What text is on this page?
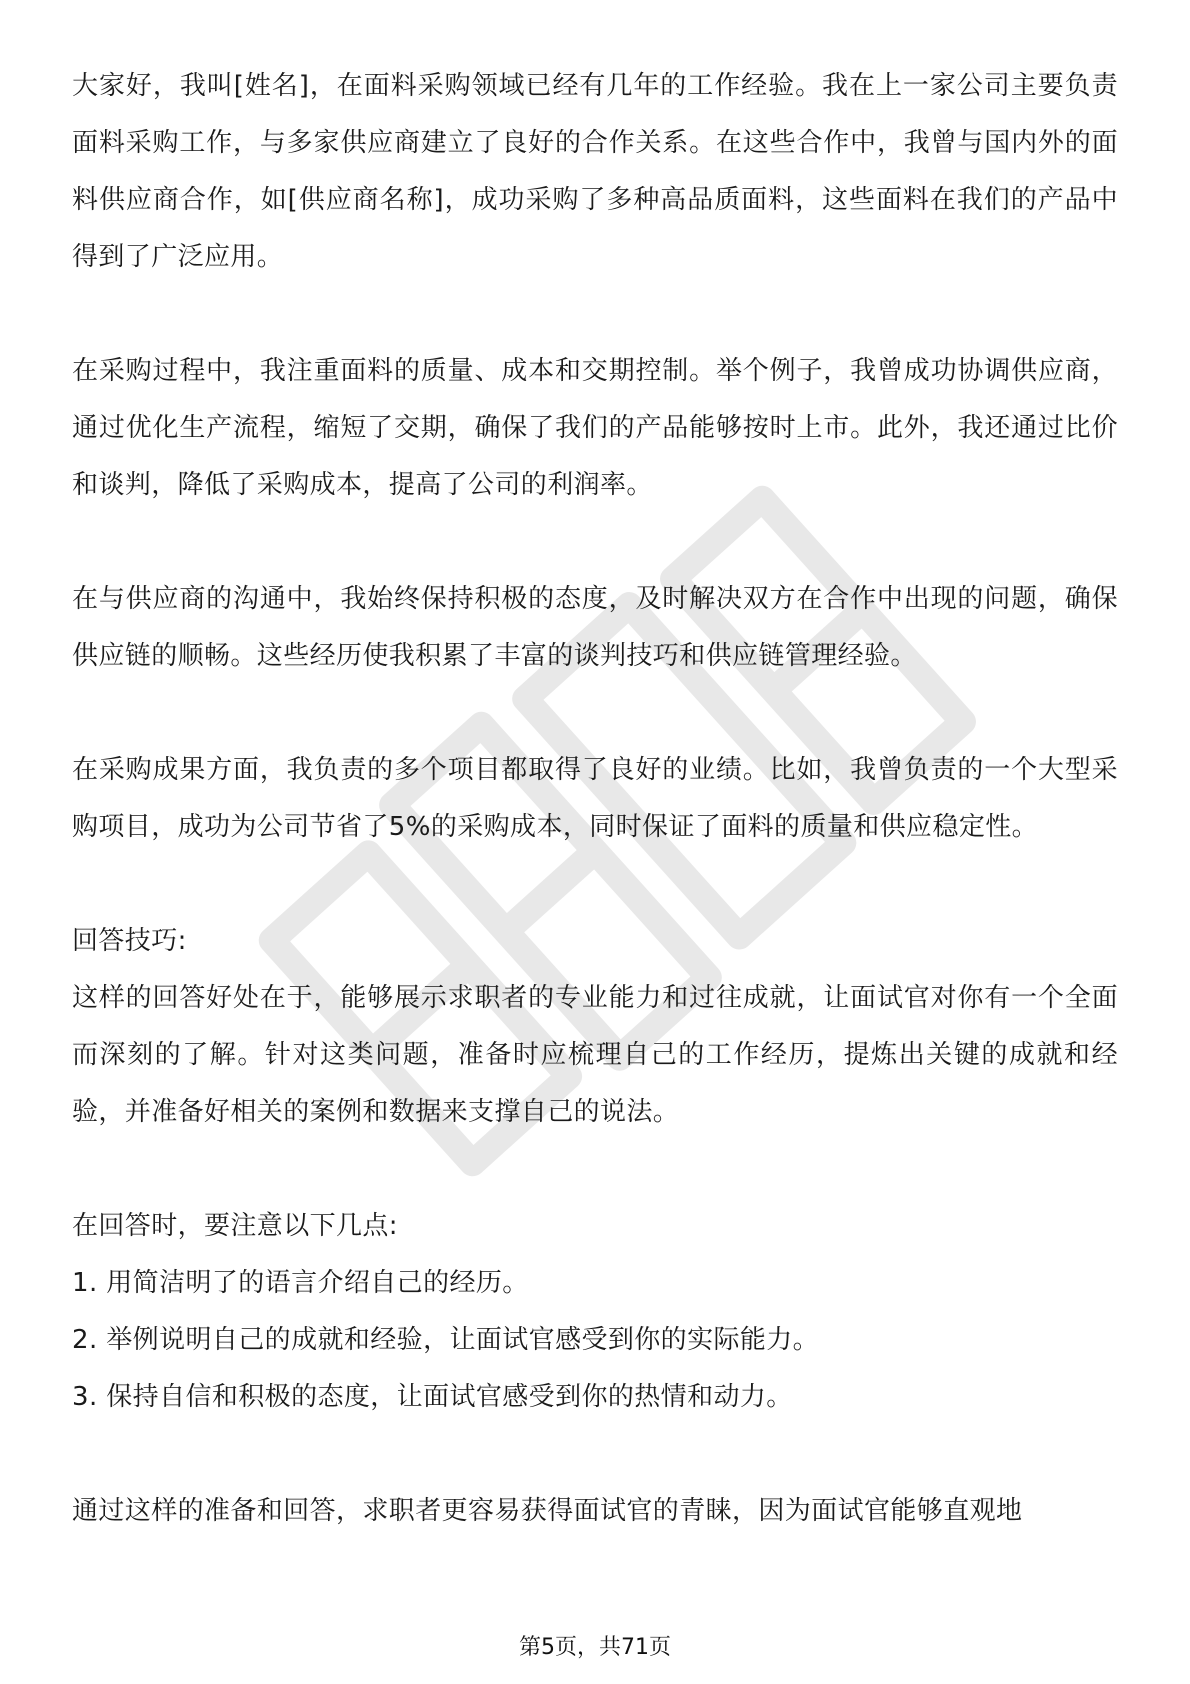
大家好，我叫[姓名]，在面料采购领域已经有几年的工作经验。我在上一家公司主要负责面料采购工作，与多家供应商建立了良好的合作关系。在这些合作中，我曾与国内外的面料供应商合作，如[供应商名称]，成功采购了多种高品质面料，这些面料在我们的产品中得到了广泛应用。

在采购过程中，我注重面料的质量、成本和交期控制。举个例子，我曾成功协调供应商，通过优化生产流程，缩短了交期，确保了我们的产品能够按时上市。此外，我还通过比价和谈判，降低了采购成本，提高了公司的利润率。

在与供应商的沟通中，我始终保持积极的态度，及时解决双方在合作中出现的问题，确保供应链的顺畅。这些经历使我积累了丰富的谈判技巧和供应链管理经验。

在采购成果方面，我负责的多个项目都取得了良好的业绩。比如，我曾负责的一个大型采购项目，成功为公司节省了5%的采购成本，同时保证了面料的质量和供应稳定性。

回答技巧:

这样的回答好处在于，能够展示求职者的专业能力和过往成就，让面试官对你有一个全面而深刻的了解。针对这类问题，准备时应梳理自己的工作经历，提炼出关键的成就和经验，并准备好相关的案例和数据来支撑自己的说法。

在回答时，要注意以下几点:
1. 用简洁明了的语言介绍自己的经历。
2. 举例说明自己的成就和经验，让面试官感受到你的实际能力。
3. 保持自信和积极的态度，让面试官感受到你的热情和动力。

通过这样的准备和回答，求职者更容易获得面试官的青睐，因为面试官能够直观地

第5页，共71页
